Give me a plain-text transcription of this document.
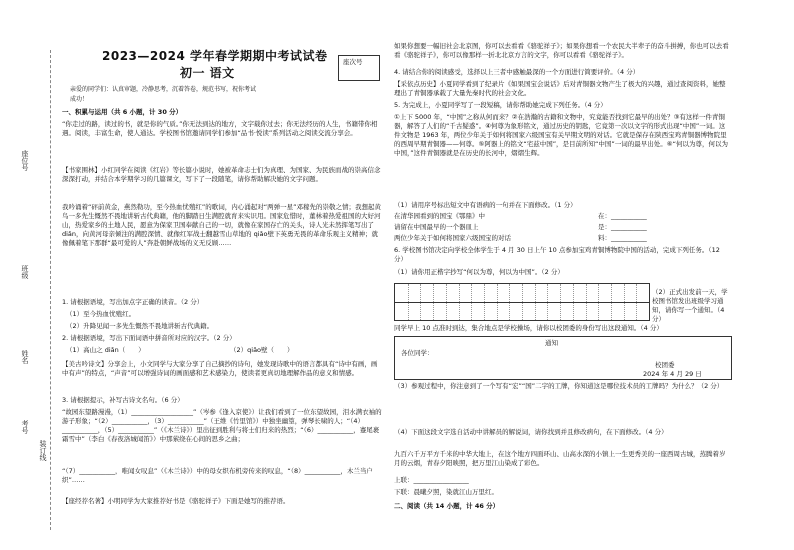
座位号
班级
姓名
考号
装订线
2023—2024 学年春学期期中考试试卷
初一 语文
座次号
亲爱的同学们：认真审题，冷静思考，沉着答卷，规范书写，祝你考试
成功！
一、积累与运用（共 6 小题，计 30 分）
“你走过的路，读过的书，就是你的气质。”你无法到达的地方，文字载你过去；你无法经历的人生，书籍带你相遇。阅读，丰富生命，使人通达。学校图书馆邀请同学们参加“品书·悦读”系列活动之阅读交流分享会。
【书家围林】小红同学在阅读《红岩》等长篇小说时，她被革命志士们为真理、为国家、为民族而战的崇高信念深深打动，并结合本学期学习的几篇课文，写下了一段随笔，请你帮助解决她的文字问题。
我吟诵着“砰前黄金，燕然勒功，至今热血忧殖红”的歌词，内心涌起对“两弹一星”邓稼先的崇敬之情；我想起黄鸟一多先生慨然不畏地讲斩古代典籍，他的脚踏日生满腔就育来实识用。国家危惜时，董林着热爱祖国的大好河山，热爱家乡的土地人民，愿意为保家卫国奉献自己的一切，就像在家国存亡的关头，诗人光未然挥笔写出了 diǎn，向黄河母亲倾注的满腔深情、就像红军战士翻越雪山草地的 qiǎo壁下英勇无畏的革命乐观主义精神；就像佩着笔下那群“最可爱的人”奔赴朝鲜战场的义无反顾……
1. 请根据语境，写出加点字正确的读音。（2 分）
（1）至今热血忧殖红。
（2）升降见闻一多先生慨然不畏地讲斩古代典籍。
2. 请根据语境，写出下面词语中拼音所对应的汉字。（2 分）
（1）高山之 diǎn（　　）	（2）qiǎo壁（　　）
【美古吟诗文】分享会上，小文同学与大家分享了自己摘抄的诗句，她发现诗歌中的语言都具有“诗中有画，画中有声”的特点，“声音”可以增强诗词的画面感和艺术感染力，使读者更真切地理解作品的意义和情感。
3. 请根据提示，补写古诗文名句。（6 分）
“故园东望路漫漫，（1）___________________”（岑参《逢入京使》）让我们看到了一位东望故园，泪水满衣袖的游子形象；“（2）___________，（3）___________”（王维《竹里馆》）中独坐幽篁，弹琴长啸的人；“（4）___________，（5）___________”（《木兰诗》）里出征到胜利与将士们归来的热烈；“（6）___________，蹇尾裹霜雪中”（李白《春夜洛城闻笛》）中那萦绕在心间的思乡之曲；
“（7）___________，唯闻女叹息”（《木兰诗》）中的母女织布机旁传来的叹息，“（8）___________，木兰当户织”……
【座经荐名著】小明同学为大家推荐好书是《骆驼祥子》下面是她写的推荐语。
如果你想要一幅旧社会北京图，你可以去看看《骆驼祥子》；如果你想看一个农民大半辈子的奋斗拼搏，你也可以去看看《骆驼祥子》，你可以像那样一折北北京方言的文字，你可以看看《骆驼祥子》。
4. 请结合你的阅读感受，选择以上三者中感触最深的一个方面进行简要评价。（4 分）
【采依点历史】小夏同学看到了纪录片《如果国宝会说话》后对青铜器文物产生了极大的兴趣，通过查阅资料，她整理出了青铜器承载了大量先秦时代的社会文化。
5. 为完成上，小夏同学写了一段短稿，请你帮助她完成下列任务。（4 分）
①上下 5000 年，“中国”之称从何而来？②在浩瀚的古籍和文物中，究竟能否找到它最早的出处？③有这样一件青铜器，解答了人们的“千古疑惑”。④何尊为象形铭文，通过历史的钥匙，它竟第一次以文字的形式出现“中国”一词。这件文物是 1963 年，两位少年关于如何将国家六级国宝有关早期文明的对话。它就是保存在陕西宝鸡青铜器博物院里的西周早期青铜器——何尊。⑤阿器上的铭文“宅兹中国”，是目前所知“中国”一词的最早出处。⑥“何以为尊，何以为中国，”这件青铜器就是在历史的长河中，熠熠生辉。
（1）请用序号标出短文中有语病的一句并在下面修改。（1 分）
在清华园看到的国宝《鄂鼎》中	在：___________
请留在中国最早的一个器皿上	是：___________
两位少年关于如何将国家六级国宝的对话	料：___________
6. 学校图书馆决定向学校全体学生于 4 月 30 日上午 10 点参加宝鸡青铜博物院中国的活动，完成下列任务。（12 分）
（1）请你用正楷字抄写“何以为尊，何以为中国”。（2 分）
（2）正式出发前一天，学校图书馆发出班级学习通知，请你写一个通知。（4 分）
同学早上 10 点准时到达，集合地点是学校操场，请你以校团委的身份写出这段通知。（4 分）
通知
各位同学：
校团委
2024 年 4 月 29 日
（3）参观过程中，你注意到了一个写有“宏”“国”二字的工牌，你知道这是哪位技术员的工牌吗？为什么？（2 分）
（4）下面这段文字选自活动中讲解员的解说词，请你找到并且修改病句，在下面修改。（4 分）
九百六千万平方千米的中华大地上，在这个地方四面环山、山高水深的小镇上一生更秀美的一座西周古城，蒸腾着岁月的云烟，青春夕阳映照，把万里江山染成了彩色。
上联：_________________
下联：晨曦夕照，染就江山万里红。
二、阅读（共 14 小题，计 46 分）
